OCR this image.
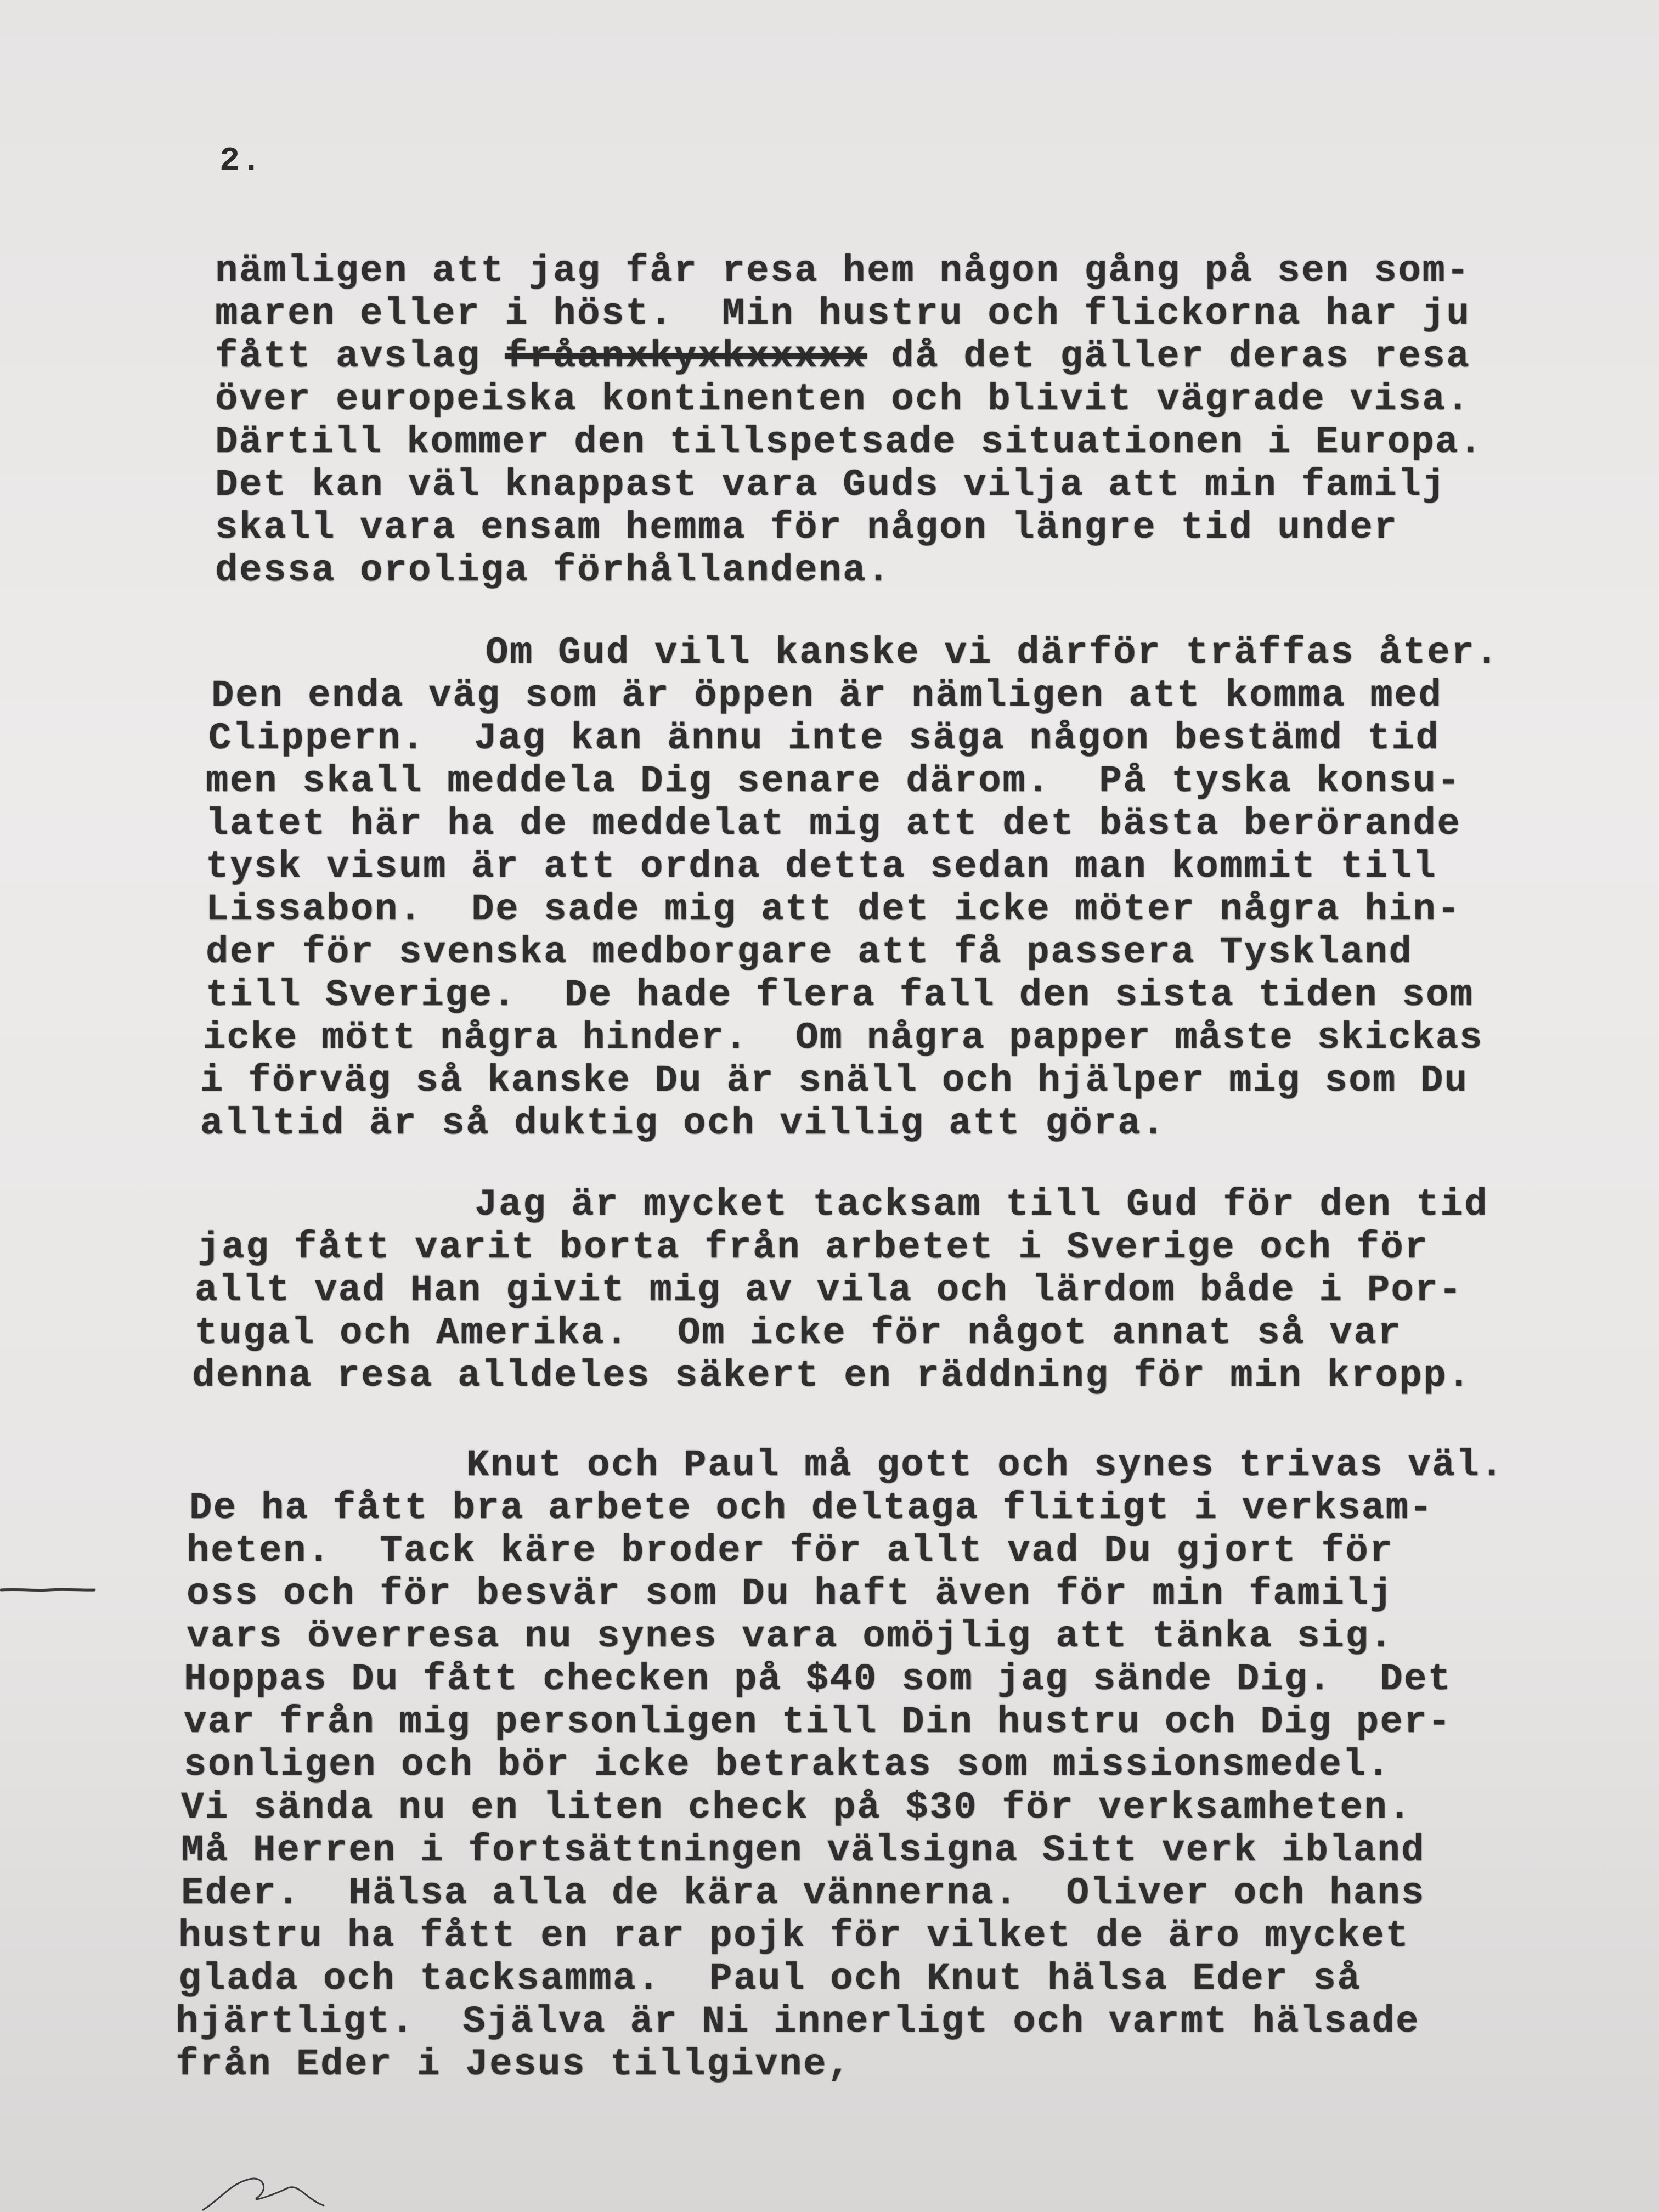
2.
nämligen att jag får resa hem någon gång på sen som-
maren eller i höst.  Min hustru och flickorna har ju
fått avslag fråanxkyxkxxxxx då det gäller deras resa
över europeiska kontinenten och blivit vägrade visa.
Därtill kommer den tillspetsade situationen i Europa.
Det kan väl knappast vara Guds vilja att min familj
skall vara ensam hemma för någon längre tid under
dessa oroliga förhållandena.
Om Gud vill kanske vi därför träffas åter.
Den enda väg som är öppen är nämligen att komma med
Clippern.  Jag kan ännu inte säga någon bestämd tid
men skall meddela Dig senare därom.  På tyska konsu-
latet här ha de meddelat mig att det bästa berörande
tysk visum är att ordna detta sedan man kommit till
Lissabon.  De sade mig att det icke möter några hin-
der för svenska medborgare att få passera Tyskland
till Sverige.  De hade flera fall den sista tiden som
icke mött några hinder.  Om några papper måste skickas
i förväg så kanske Du är snäll och hjälper mig som Du
alltid är så duktig och villig att göra.
Jag är mycket tacksam till Gud för den tid
jag fått varit borta från arbetet i Sverige och för
allt vad Han givit mig av vila och lärdom både i Por-
tugal och Amerika.  Om icke för något annat så var
denna resa alldeles säkert en räddning för min kropp.
Knut och Paul må gott och synes trivas väl.
De ha fått bra arbete och deltaga flitigt i verksam-
heten.  Tack käre broder för allt vad Du gjort för
oss och för besvär som Du haft även för min familj
vars överresa nu synes vara omöjlig att tänka sig.
Hoppas Du fått checken på $40 som jag sände Dig.  Det
var från mig personligen till Din hustru och Dig per-
sonligen och bör icke betraktas som missionsmedel.
Vi sända nu en liten check på $30 för verksamheten.
Må Herren i fortsättningen välsigna Sitt verk ibland
Eder.  Hälsa alla de kära vännerna.  Oliver och hans
hustru ha fått en rar pojk för vilket de äro mycket
glada och tacksamma.  Paul och Knut hälsa Eder så
hjärtligt.  Själva är Ni innerligt och varmt hälsade
från Eder i Jesus tillgivne,
